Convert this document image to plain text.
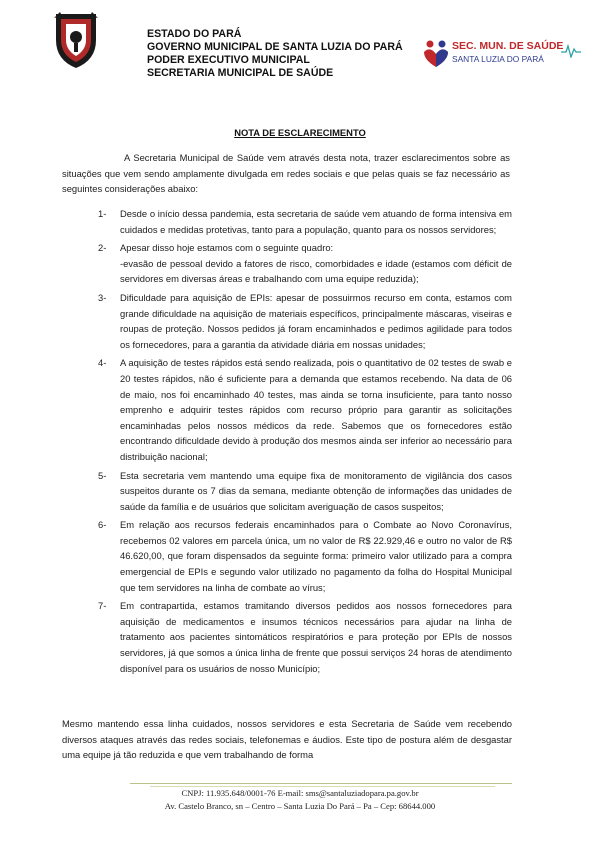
ESTADO DO PARÁ
GOVERNO MUNICIPAL DE SANTA LUZIA DO PARÁ
PODER EXECUTIVO MUNICIPAL
SECRETARIA MUNICIPAL DE SAÚDE
SEC. MUN. DE SAÚDE
SANTA LUZIA DO PARÁ
NOTA DE ESCLARECIMENTO
A Secretaria Municipal de Saúde vem através desta nota, trazer esclarecimentos sobre as situações que vem sendo amplamente divulgada em redes sociais e que pelas quais se faz necessário as seguintes considerações abaixo:
1- Desde o início dessa pandemia, esta secretaria de saúde vem atuando de forma intensiva em cuidados e medidas protetivas, tanto para a população, quanto para os nossos servidores;
2- Apesar disso hoje estamos com o seguinte quadro:
-evasão de pessoal devido a fatores de risco, comorbidades e idade (estamos com déficit de servidores em diversas áreas e trabalhando com uma equipe reduzida);
3- Dificuldade para aquisição de EPIs: apesar de possuirmos recurso em conta, estamos com grande dificuldade na aquisição de materiais específicos, principalmente máscaras, viseiras e roupas de proteção. Nossos pedidos já foram encaminhados e pedimos agilidade para todos os fornecedores, para a garantia da atividade diária em nossas unidades;
4- A aquisição de testes rápidos está sendo realizada, pois o quantitativo de 02 testes de swab e 20 testes rápidos, não é suficiente para a demanda que estamos recebendo. Na data de 06 de maio, nos foi encaminhado 40 testes, mas ainda se torna insuficiente, para tanto nosso emprenho e adquirir testes rápidos com recurso próprio para garantir as solicitações encaminhadas pelos nossos médicos da rede. Sabemos que os fornecedores estão encontrando dificuldade devido à produção dos mesmos ainda ser inferior ao necessário para distribuição nacional;
5- Esta secretaria vem mantendo uma equipe fixa de monitoramento de vigilância dos casos suspeitos durante os 7 dias da semana, mediante obtenção de informações das unidades de saúde da família e de usuários que solicitam averiguação de casos suspeitos;
6- Em relação aos recursos federais encaminhados para o Combate ao Novo Coronavírus, recebemos 02 valores em parcela única, um no valor de R$ 22.929,46 e outro no valor de R$ 46.620,00, que foram dispensados da seguinte forma: primeiro valor utilizado para a compra emergencial de EPIs e segundo valor utilizado no pagamento da folha do Hospital Municipal que tem servidores na linha de combate ao vírus;
7- Em contrapartida, estamos tramitando diversos pedidos aos nossos fornecedores para aquisição de medicamentos e insumos técnicos necessários para ajudar na linha de tratamento aos pacientes sintomáticos respiratórios e para proteção por EPIs de nossos servidores, já que somos a única linha de frente que possui serviços 24 horas de atendimento disponível para os usuários de nosso Município;
Mesmo mantendo essa linha cuidados, nossos servidores e esta Secretaria de Saúde vem recebendo diversos ataques através das redes sociais, telefonemas e áudios. Este tipo de postura além de desgastar uma equipe já tão reduzida e que vem trabalhando de forma
CNPJ: 11.935.648/0001-76 E-mail: sms@santaluziadopara.pa.gov.br
Av. Castelo Branco, sn – Centro – Santa Luzia Do Pará – Pa – Cep: 68644.000
